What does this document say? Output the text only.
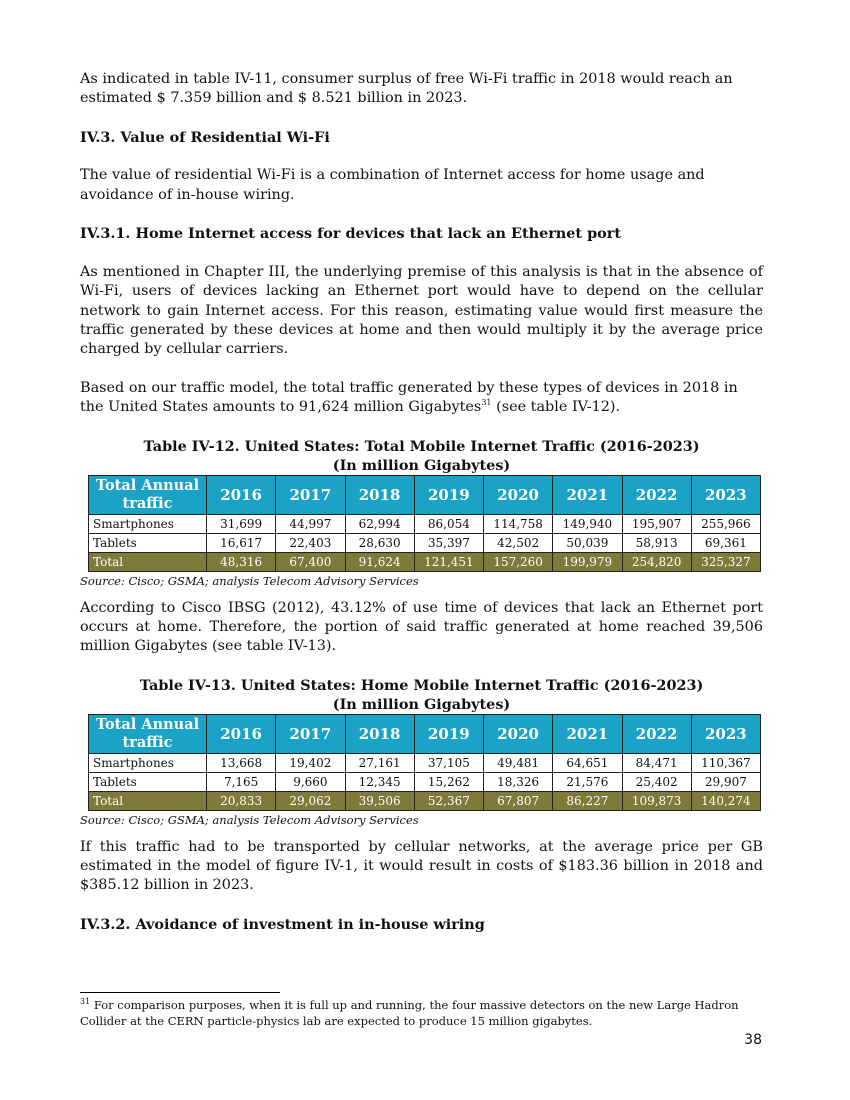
As indicated in table IV-11, consumer surplus of free Wi-Fi traffic in 2018 would reach an estimated $ 7.359 billion and $ 8.521 billion in 2023.

IV.3. Value of Residential Wi-Fi

The value of residential Wi-Fi is a combination of Internet access for home usage and avoidance of in-house wiring.

IV.3.1. Home Internet access for devices that lack an Ethernet port

As mentioned in Chapter III, the underlying premise of this analysis is that in the absence of Wi-Fi, users of devices lacking an Ethernet port would have to depend on the cellular network to gain Internet access. For this reason, estimating value would first measure the traffic generated by these devices at home and then would multiply it by the average price charged by cellular carriers.

Based on our traffic model, the total traffic generated by these types of devices in 2018 in the United States amounts to 91,624 million Gigabytes$^{31}$ (see table IV-12).

Table IV-12. United States: Total Mobile Internet Traffic (2016-2023)

(In million Gigabytes)

Total Annual traffic	2016	2017	2018	2019	2020	2021	2022	2023
Smartphones	31,699	44,997	62,994	86,054	114,758	149,940	195,907	255,966
Tablets	16,617	22,403	28,630	35,397	42,502	50,039	58,913	69,361
Total	48,316	67,400	91,624	121,451	157,260	199,979	254,820	325,327

Source: Cisco; GSMA; analysis Telecom Advisory Services

According to Cisco IBSG (2012), 43.12% of use time of devices that lack an Ethernet port occurs at home. Therefore, the portion of said traffic generated at home reached 39,506 million Gigabytes (see table IV-13).

Table IV-13. United States: Home Mobile Internet Traffic (2016-2023)

(In million Gigabytes)

Total Annual traffic	2016	2017	2018	2019	2020	2021	2022	2023
Smartphones	13,668	19,402	27,161	37,105	49,481	64,651	84,471	110,367
Tablets	7,165	9,660	12,345	15,262	18,326	21,576	25,402	29,907
Total	20,833	29,062	39,506	52,367	67,807	86,227	109,873	140,274

Source: Cisco; GSMA; analysis Telecom Advisory Services

If this traffic had to be transported by cellular networks, at the average price per GB estimated in the model of figure IV-1, it would result in costs of $183.36 billion in 2018 and $385.12 billion in 2023.

IV.3.2. Avoidance of investment in in-house wiring
$^{31}$ For comparison purposes, when it is full up and running, the four massive detectors on the new Large Hadron Collider at the CERN particle-physics lab are expected to produce 15 million gigabytes.
38
